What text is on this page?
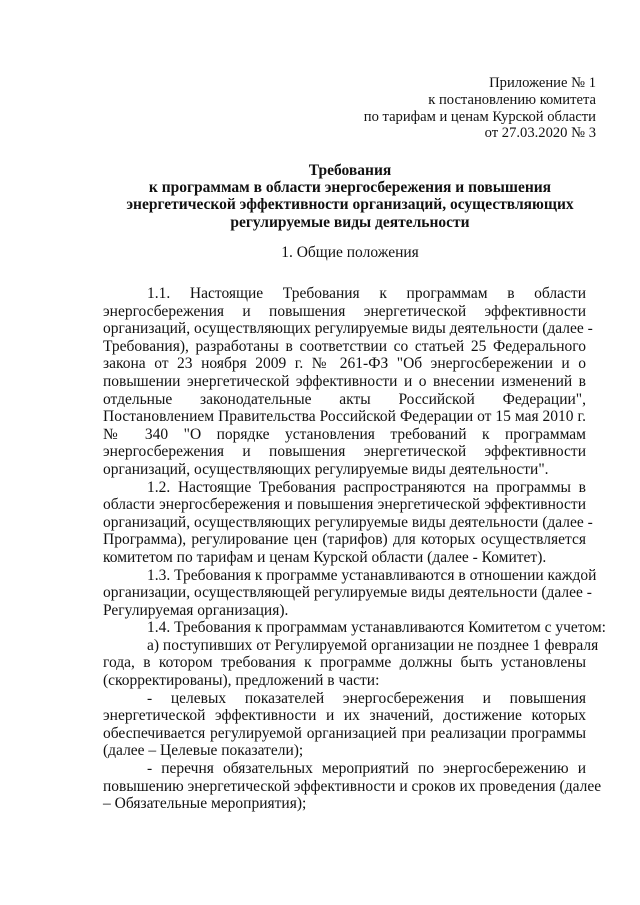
Приложение № 1
к постановлению комитета
по тарифам и ценам Курской области
от 27.03.2020 № 3
Требования
к программам в области энергосбережения и повышения
энергетической эффективности организаций, осуществляющих
регулируемые виды деятельности
1. Общие положения
1.1. Настоящие Требования к программам в области
энергосбережения и повышения энергетической эффективности
организаций, осуществляющих регулируемые виды деятельности (далее -
Требования), разработаны в соответствии со статьей 25 Федерального
закона от 23 ноября 2009 г. № 261-ФЗ "Об энергосбережении и о
повышении энергетической эффективности и о внесении изменений в
отдельные законодательные акты Российской Федерации",
Постановлением Правительства Российской Федерации от 15 мая 2010 г.
№ 340 "О порядке установления требований к программам
энергосбережения и повышения энергетической эффективности
организаций, осуществляющих регулируемые виды деятельности".
1.2. Настоящие Требования распространяются на программы в
области энергосбережения и повышения энергетической эффективности
организаций, осуществляющих регулируемые виды деятельности (далее -
Программа), регулирование цен (тарифов) для которых осуществляется
комитетом по тарифам и ценам Курской области (далее - Комитет).
1.3. Требования к программе устанавливаются в отношении каждой
организации, осуществляющей регулируемые виды деятельности (далее -
Регулируемая организация).
1.4. Требования к программам устанавливаются Комитетом с учетом:
а) поступивших от Регулируемой организации не позднее 1 февраля
года, в котором требования к программе должны быть установлены
(скорректированы), предложений в части:
- целевых показателей энергосбережения и повышения
энергетической эффективности и их значений, достижение которых
обеспечивается регулируемой организацией при реализации программы
(далее – Целевые показатели);
- перечня обязательных мероприятий по энергосбережению и
повышению энергетической эффективности и сроков их проведения (далее
– Обязательные мероприятия);
